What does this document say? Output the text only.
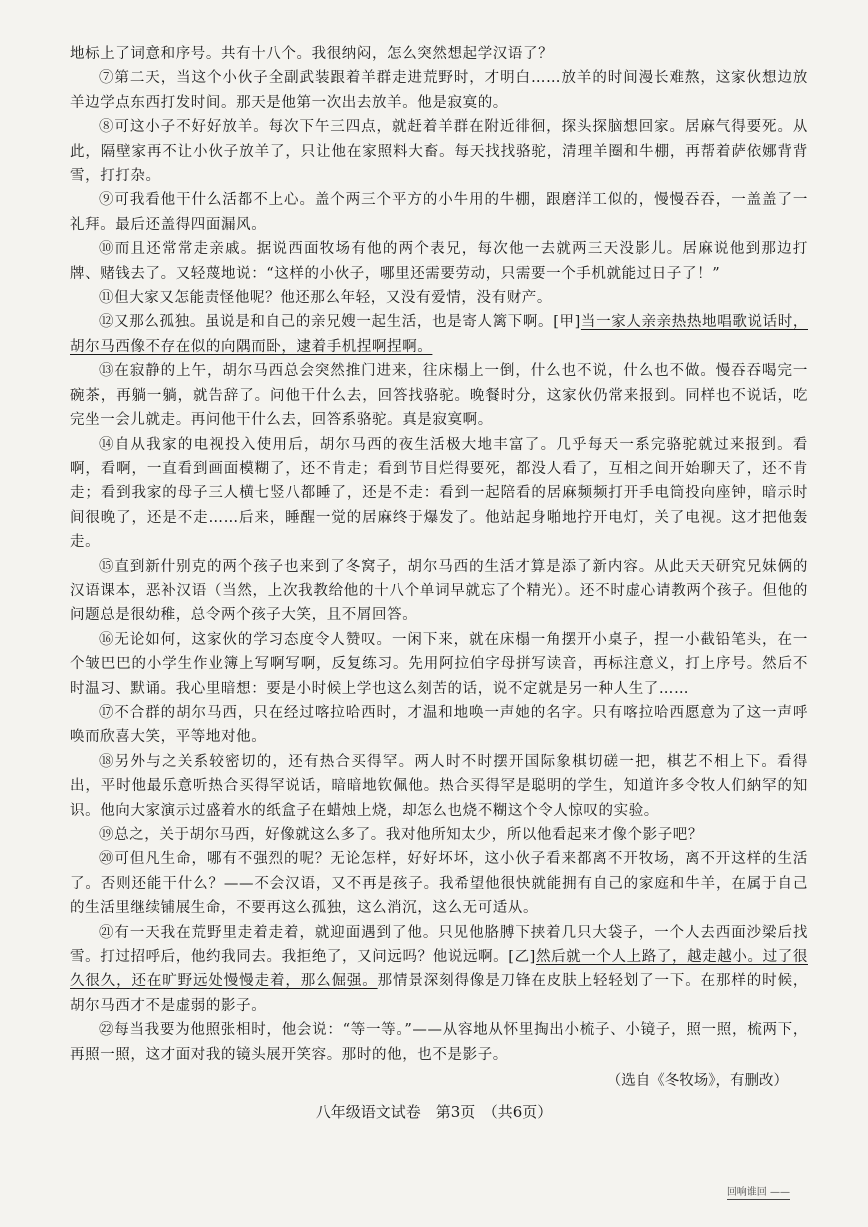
地标上了词意和序号。共有十八个。我很纳闷，怎么突然想起学汉语了？

⑦第二天，当这个小伙子全副武装跟着羊群走进荒野时，才明白……放羊的时间漫长难熬，这家伙想边放羊边学点东西打发时间。那天是他第一次出去放羊。他是寂寞的。

⑧可这小子不好好放羊。每次下午三四点，就赶着羊群在附近徘徊，探头探脑想回家。居麻气得要死。从此，隔壁家再不让小伙子放羊了，只让他在家照料大畜。每天找找骆驼，清理羊圈和牛棚，再帮着萨依娜背背雪，打打杂。

⑨可我看他干什么活都不上心。盖个两三个平方的小牛用的牛棚，跟磨洋工似的，慢慢吞吞，一盖盖了一礼拜。最后还盖得四面漏风。

⑩而且还常常走亲戚。据说西面牧场有他的两个表兄，每次他一去就两三天没影儿。居麻说他到那边打牌、赌钱去了。又轻蔑地说：“这样的小伙子，哪里还需要劳动，只需要一个手机就能过日子了！”

⑪但大家又怎能责怪他呢？他还那么年轻，又没有爱情，没有财产。

⑫又那么孤独。虽说是和自己的亲兄嫂一起生活，也是寄人篱下啊。[甲]当一家人亲亲热热地唱歌说话时，胡尔马西像不存在似的向隅而卧，逮着手机捏啊捏啊。

⑬在寂静的上午，胡尔马西总会突然推门进来，往床榻上一倒，什么也不说，什么也不做。慢吞吞喝完一碗茶，再躺一躺，就告辞了。问他干什么去，回答找骆驼。晚餐时分，这家伙仍常来报到。同样也不说话，吃完坐一会儿就走。再问他干什么去，回答系骆驼。真是寂寞啊。

⑭自从我家的电视投入使用后，胡尔马西的夜生活极大地丰富了。几乎每天一系完骆驼就过来报到。看啊，看啊，一直看到画面模糊了，还不肯走；看到节目烂得要死，都没人看了，互相之间开始聊天了，还不肯走；看到我家的母子三人横七竖八都睡了，还是不走：看到一起陪看的居麻频频打开手电筒投向座钟，暗示时间很晚了，还是不走……后来，睡醒一觉的居麻终于爆发了。他站起身啪地拧开电灯，关了电视。这才把他轰走。

⑮直到新什别克的两个孩子也来到了冬窝子，胡尔马西的生活才算是添了新内容。从此天天研究兄妹俩的汉语课本，恶补汉语（当然，上次我教给他的十八个单词早就忘了个精光）。还不时虚心请教两个孩子。但他的问题总是很幼稚，总令两个孩子大笑，且不屑回答。

⑯无论如何，这家伙的学习态度令人赞叹。一闲下来，就在床榻一角摆开小桌子，捏一小截铅笔头，在一个皱巴巴的小学生作业簿上写啊写啊，反复练习。先用阿拉伯字母拼写读音，再标注意义，打上序号。然后不时温习、默诵。我心里暗想：要是小时候上学也这么刻苦的话，说不定就是另一种人生了……

⑰不合群的胡尔马西，只在经过喀拉哈西时，才温和地唤一声她的名字。只有喀拉哈西愿意为了这一声呼唤而欣喜大笑，平等地对他。

⑱另外与之关系较密切的，还有热合买得罕。两人时不时摆开国际象棋切磋一把，棋艺不相上下。看得出，平时他最乐意听热合买得罕说话，暗暗地钦佩他。热合买得罕是聪明的学生，知道许多令牧人们納罕的知识。他向大家演示过盛着水的纸盒子在蜡烛上烧，却怎么也烧不糊这个令人惊叹的实验。

⑲总之，关于胡尔马西，好像就这么多了。我对他所知太少，所以他看起来才像个影子吧？

⑳可但凡生命，哪有不强烈的呢？无论怎样，好好坏坏，这小伙子看来都离不开牧场，离不开这样的生活了。否则还能干什么？——不会汉语，又不再是孩子。我希望他很快就能拥有自己的家庭和牛羊，在属于自己的生活里继续铺展生命，不要再这么孤独，这么消沉，这么无可适从。

㉑有一天我在荒野里走着走着，就迎面遇到了他。只见他胳膊下挟着几只大袋子，一个人去西面沙梁后找雪。打过招呼后，他约我同去。我拒绝了，又问远吗？他说远啊。[乙]然后就一个人上路了，越走越小。过了很久很久，还在旷野远处慢慢走着，那么倔强。那情景深刻得像是刀锋在皮肤上轻轻划了一下。在那样的时候，胡尔马西才不是虚弱的影子。

㉒每当我要为他照张相时，他会说：“等一等。”——从容地从怀里掏出小梳子、小镜子，照一照，梳两下，再照一照，这才面对我的镜头展开笑容。那时的他，也不是影子。

（选自《冬牧场》，有删改）

八年级语文试卷　第3页　（共6页）
回响谁回 ——
